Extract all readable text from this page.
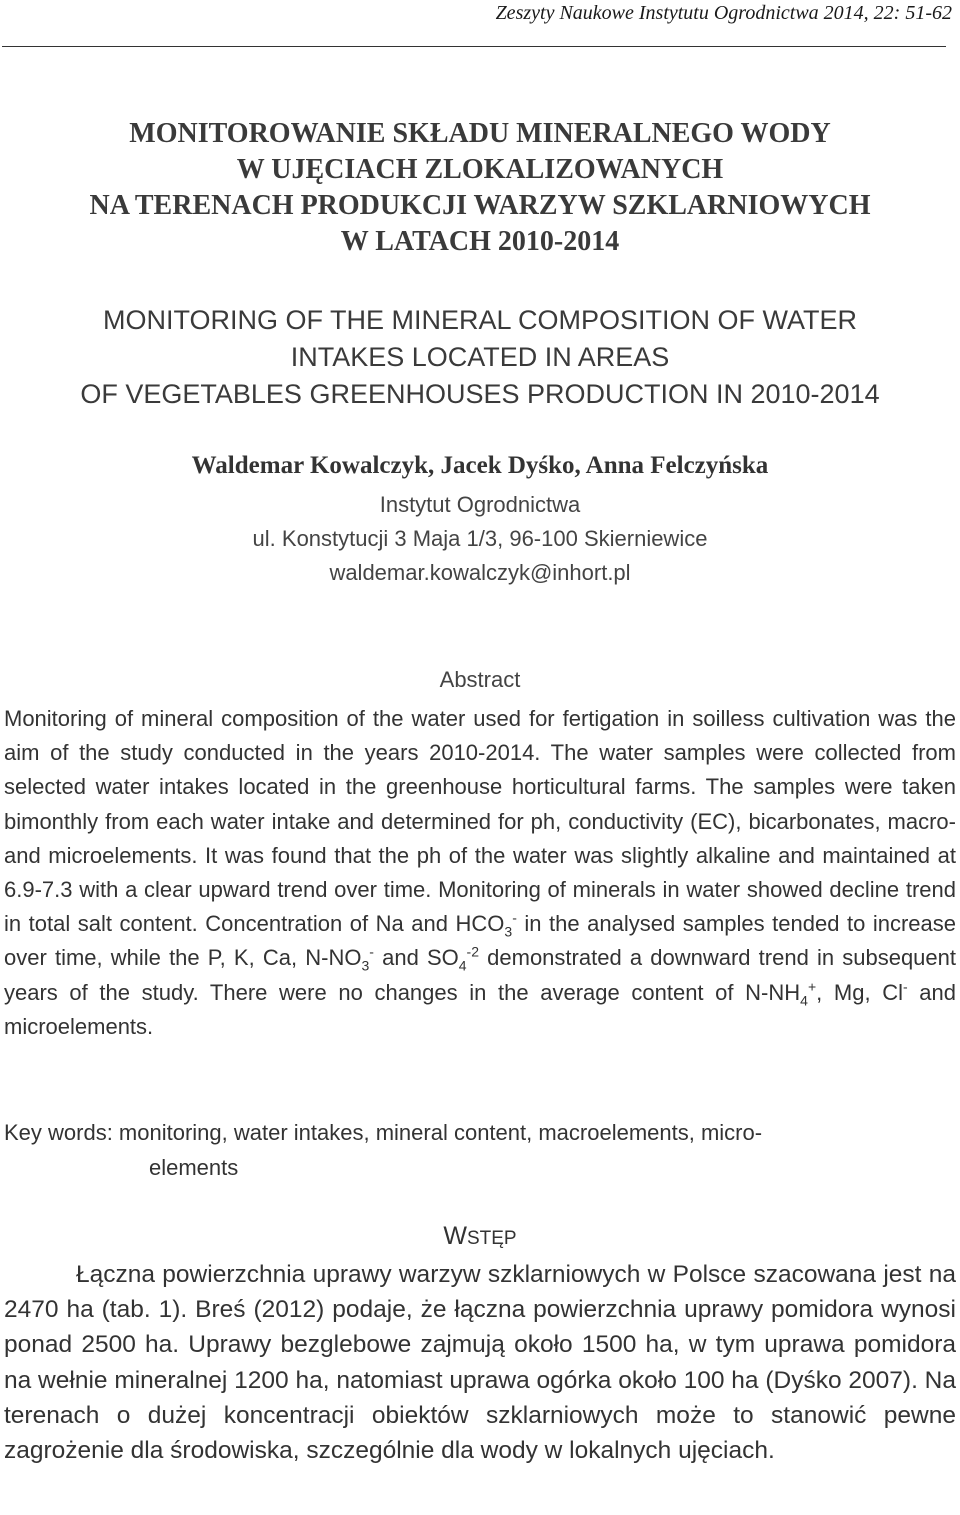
Zeszyty Naukowe Instytutu Ogrodnictwa 2014, 22: 51-62
MONITOROWANIE SKŁADU MINERALNEGO WODY
W UJĘCIACH ZLOKALIZOWANYCH
NA TERENACH PRODUKCJI WARZYW SZKLARNIOWYCH
W LATACH 2010-2014
MONITORING OF THE MINERAL COMPOSITION OF WATER
INTAKES LOCATED IN AREAS
OF VEGETABLES GREENHOUSES PRODUCTION IN 2010-2014
Waldemar Kowalczyk, Jacek Dyśko, Anna Felczyńska
Instytut Ogrodnictwa
ul. Konstytucji 3 Maja 1/3, 96-100 Skierniewice
waldemar.kowalczyk@inhort.pl
Abstract
Monitoring of mineral composition of the water used for fertigation in soilless cultivation was the aim of the study conducted in the years 2010-2014. The water samples were collected from selected water intakes located in the greenhouse horticultural farms. The samples were taken bimonthly from each water intake and determined for ph, conductivity (EC), bicarbonates, macro- and microelements. It was found that the ph of the water was slightly alkaline and maintained at 6.9-7.3 with a clear upward trend over time. Monitoring of minerals in water showed decline trend in total salt content. Concentration of Na and $HCO_3^-$ in the analysed samples tended to increase over time, while the P, K, Ca, $N-NO_3^-$ and $SO_4^{-2}$ demonstrated a downward trend in subsequent years of the study. There were no changes in the average content of $N-NH_4^+$, Mg, Cl- and microelements.
Key words: monitoring, water intakes, mineral content, macroelements, micro-
elements
WSTĘP
Łączna powierzchnia uprawy warzyw szklarniowych w Polsce szacowana jest na 2470 ha (tab. 1). Breś (2012) podaje, że łączna powierzchnia uprawy pomidora wynosi ponad 2500 ha. Uprawy bezglebowe zajmują około 1500 ha, w tym uprawa pomidora na wełnie mineralnej 1200 ha, natomiast uprawa ogórka około 100 ha (Dyśko 2007). Na terenach o dużej koncentracji obiektów szklarniowych może to stanowić pewne zagrożenie dla środowiska, szczególnie dla wody w lokalnych ujęciach.
